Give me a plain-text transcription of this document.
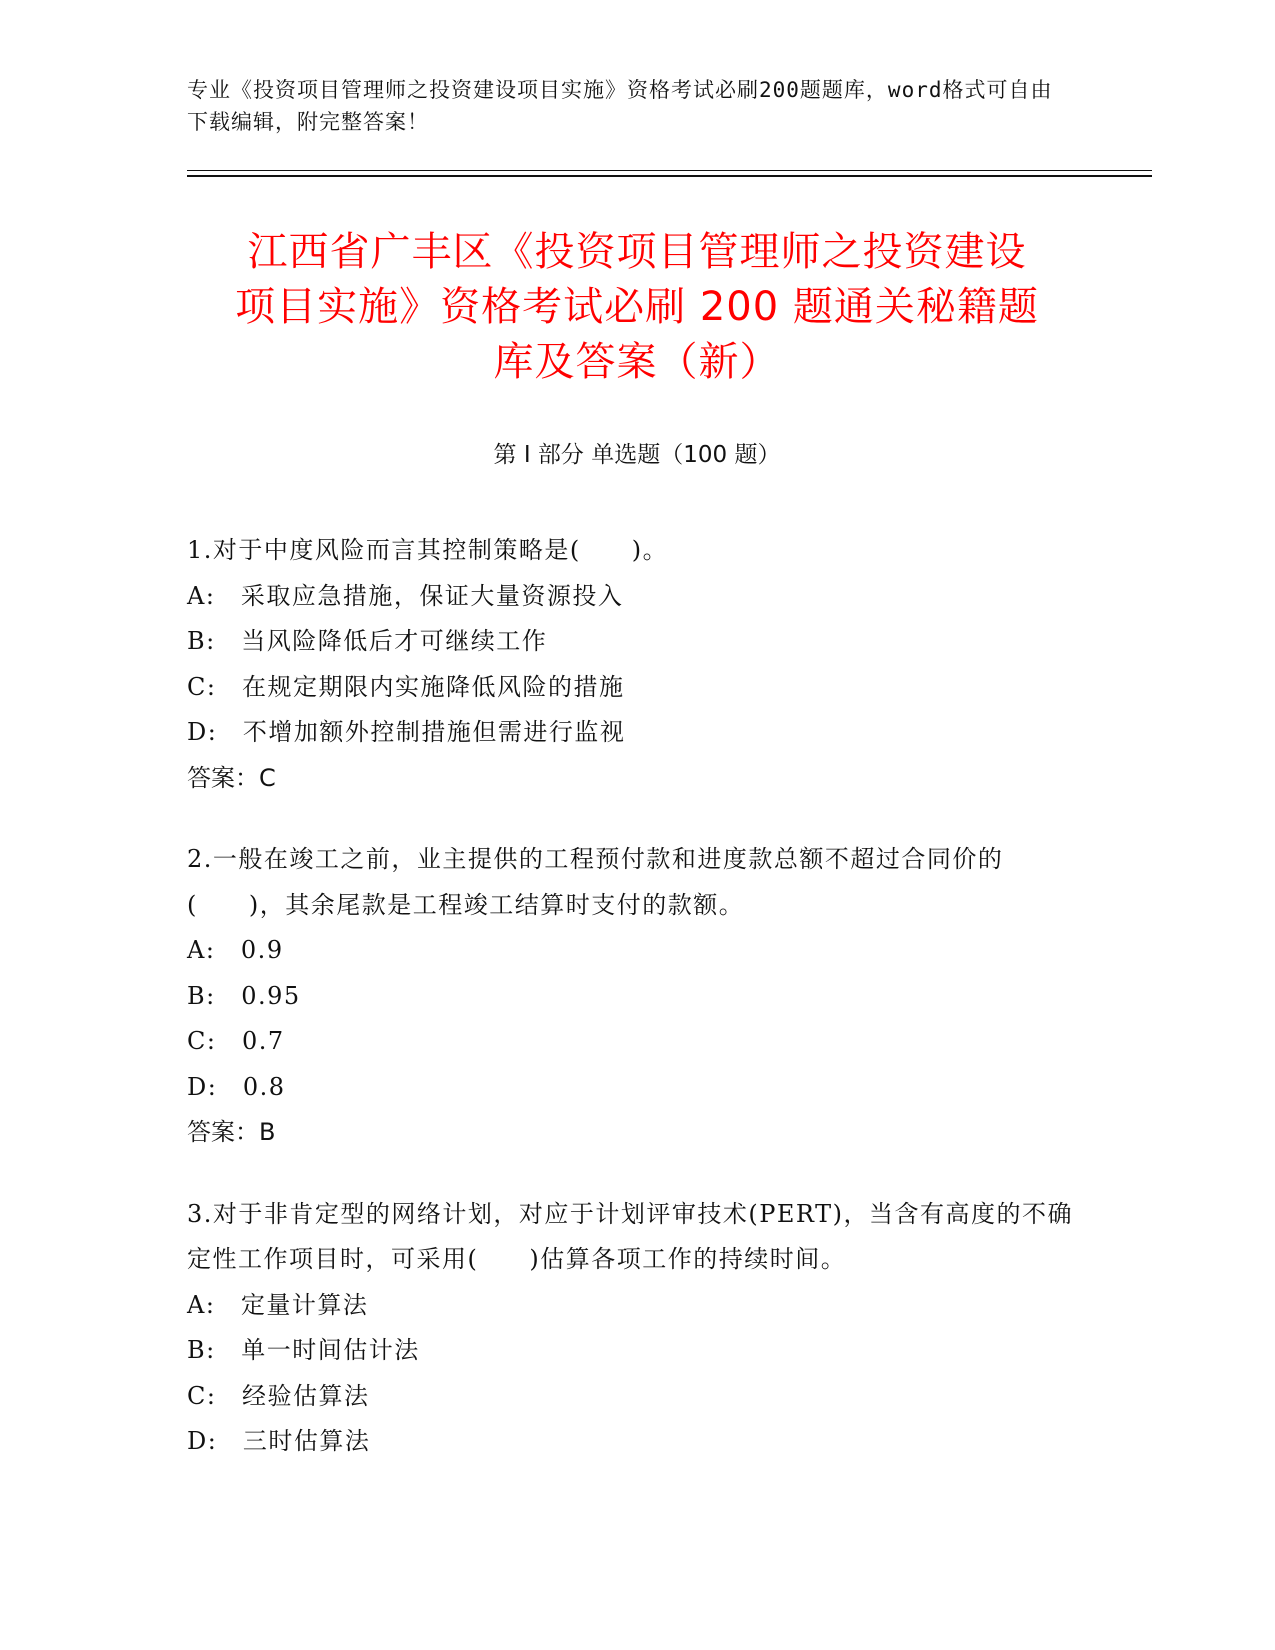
专业《投资项目管理师之投资建设项目实施》资格考试必刷200题题库，word格式可自由下载编辑，附完整答案！
江西省广丰区《投资项目管理师之投资建设
项目实施》资格考试必刷 200 题通关秘籍题
库及答案（新）
第 I 部分 单选题（100 题）
1.对于中度风险而言其控制策略是(　　)。
A:　采取应急措施，保证大量资源投入
B:　当风险降低后才可继续工作
C:　在规定期限内实施降低风险的措施
D:　不增加额外控制措施但需进行监视
答案：C
2.一般在竣工之前，业主提供的工程预付款和进度款总额不超过合同价的(　　)，其余尾款是工程竣工结算时支付的款额。
A:　0.9
B:　0.95
C:　0.7
D:　0.8
答案：B
3.对于非肯定型的网络计划，对应于计划评审技术(PERT)，当含有高度的不确定性工作项目时，可采用(　　)估算各项工作的持续时间。
A:　定量计算法
B:　单一时间估计法
C:　经验估算法
D:　三时估算法
